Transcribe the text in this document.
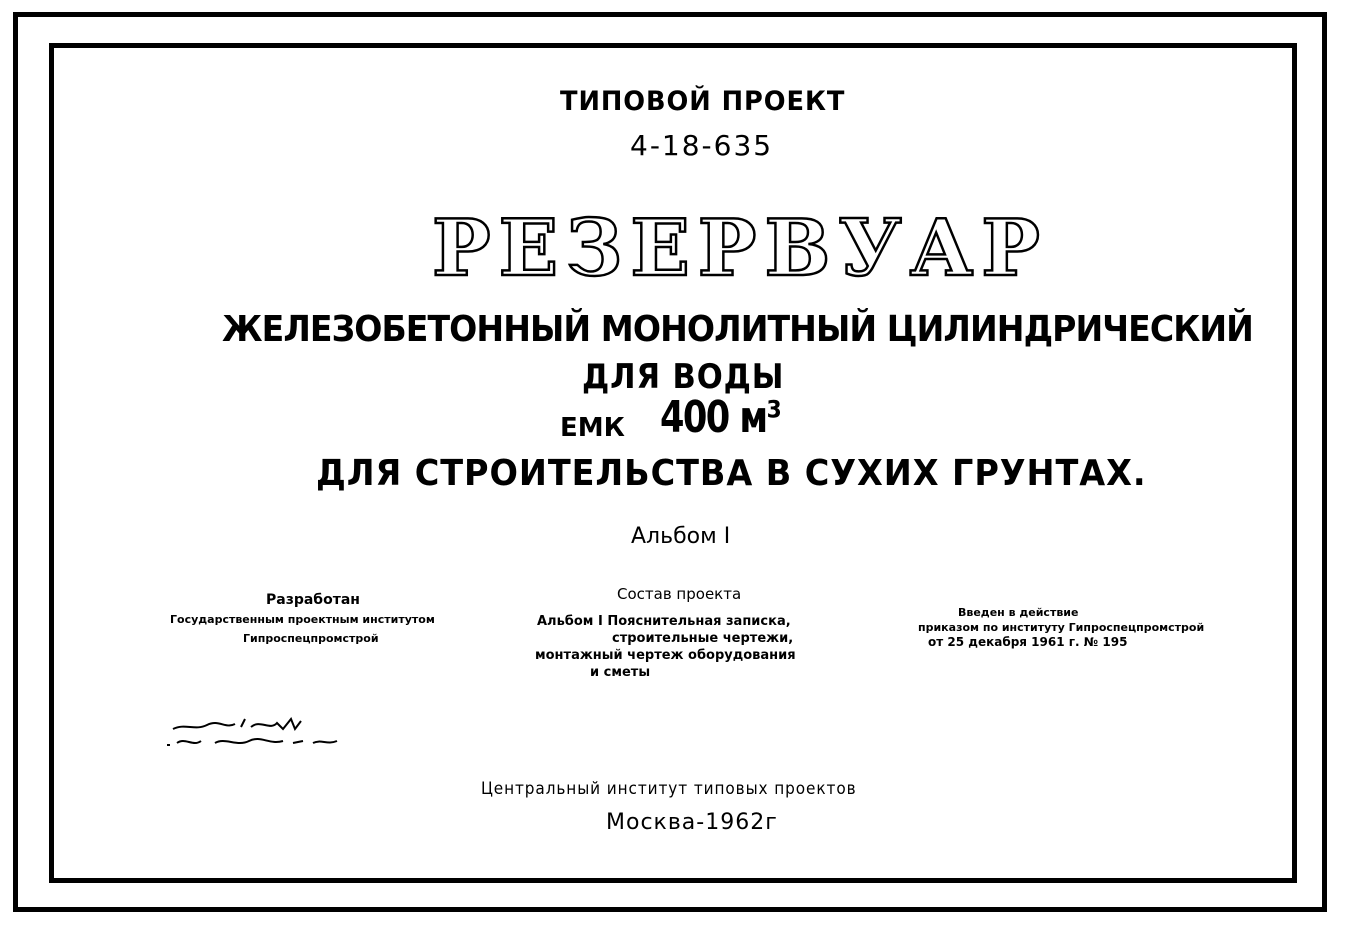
ТИПОВОЙ ПРОЕКТ
4-18-635
РЕЗЕРВУАР
ЖЕЛЕЗОБЕТОННЫЙ МОНОЛИТНЫЙ ЦИЛИНДРИЧЕСКИЙ
ДЛЯ ВОДЫ
ЕМК 400 м³
ДЛЯ СТРОИТЕЛЬСТВА В СУХИХ ГРУНТАХ.
Альбом I
Разработан
Государственным проектным институтом
Гипроспецпромстрой
Состав проекта
Альбом I Пояснительная записка,
строительные чертежи,
монтажный чертеж оборудования
и сметы
Введен в действие
приказом по институту Гипроспецпромстрой
от 25 декабря 1961 г. № 195
Центральный институт типовых проектов
Москва-1962г
